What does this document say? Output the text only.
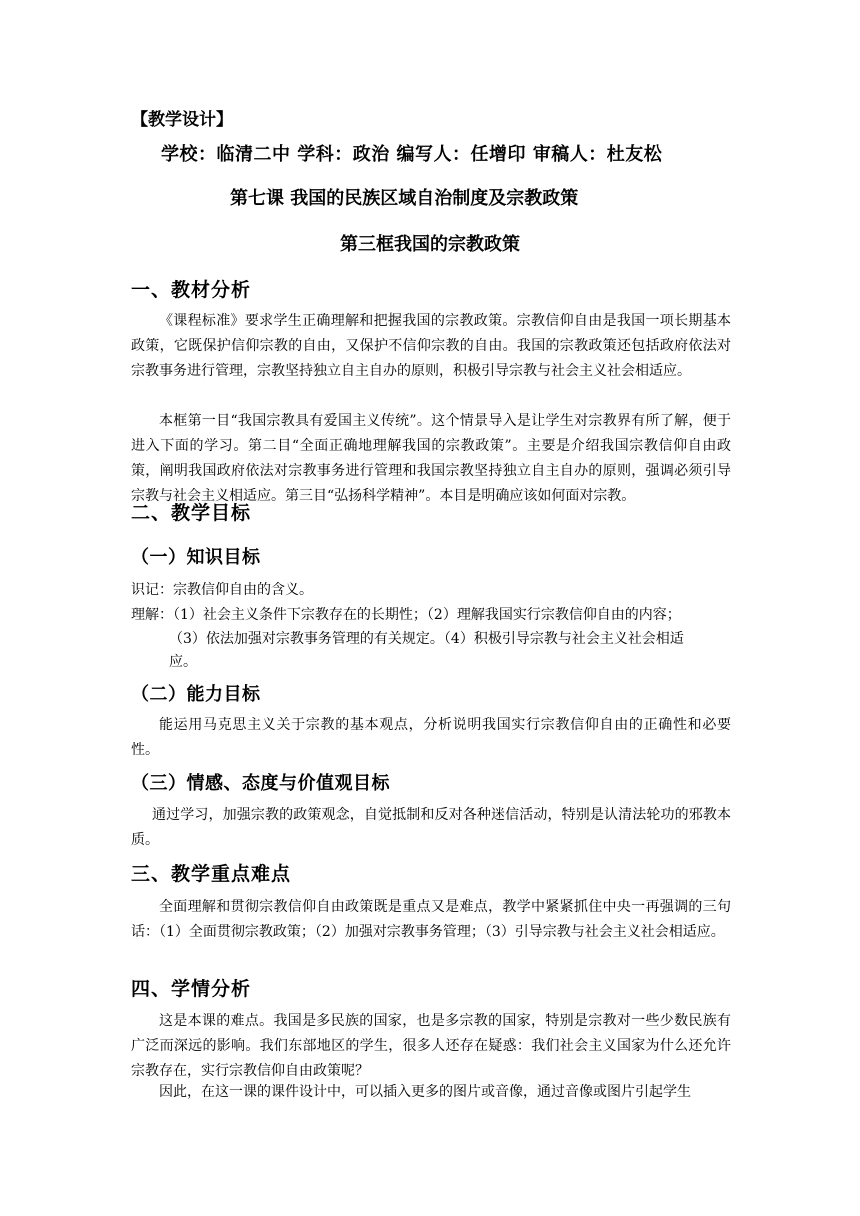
【教学设计】
学校：临清二中 学科：政治 编写人：任增印 审稿人：杜友松
第七课 我国的民族区域自治制度及宗教政策
第三框我国的宗教政策
一、教材分析
《课程标准》要求学生正确理解和把握我国的宗教政策。宗教信仰自由是我国一项长期基本政策，它既保护信仰宗教的自由，又保护不信仰宗教的自由。我国的宗教政策还包括政府依法对宗教事务进行管理，宗教坚持独立自主自办的原则，积极引导宗教与社会主义社会相适应。
本框第一目“我国宗教具有爱国主义传统”。这个情景导入是让学生对宗教界有所了解，便于进入下面的学习。第二目“全面正确地理解我国的宗教政策”。主要是介绍我国宗教信仰自由政策，阐明我国政府依法对宗教事务进行管理和我国宗教坚持独立自主自办的原则，强调必须引导宗教与社会主义相适应。第三目“弘扬科学精神”。本目是明确应该如何面对宗教。
二、教学目标
（一）知识目标
识记：宗教信仰自由的含义。
理解：（1）社会主义条件下宗教存在的长期性；（2）理解我国实行宗教信仰自由的内容；
（3）依法加强对宗教事务管理的有关规定。（4）积极引导宗教与社会主义社会相适
应。
（二）能力目标
能运用马克思主义关于宗教的基本观点，分析说明我国实行宗教信仰自由的正确性和必要性。
（三）情感、态度与价值观目标
通过学习，加强宗教的政策观念，自觉抵制和反对各种迷信活动，特别是认清法轮功的邪教本质。
三、教学重点难点
全面理解和贯彻宗教信仰自由政策既是重点又是难点，教学中紧紧抓住中央一再强调的三句话：（1）全面贯彻宗教政策；（2）加强对宗教事务管理；（3）引导宗教与社会主义社会相适应。
四、学情分析
这是本课的难点。我国是多民族的国家，也是多宗教的国家，特别是宗教对一些少数民族有广泛而深远的影响。我们东部地区的学生，很多人还存在疑惑：我们社会主义国家为什么还允许宗教存在，实行宗教信仰自由政策呢？
因此，在这一课的课件设计中，可以插入更多的图片或音像，通过音像或图片引起学生
